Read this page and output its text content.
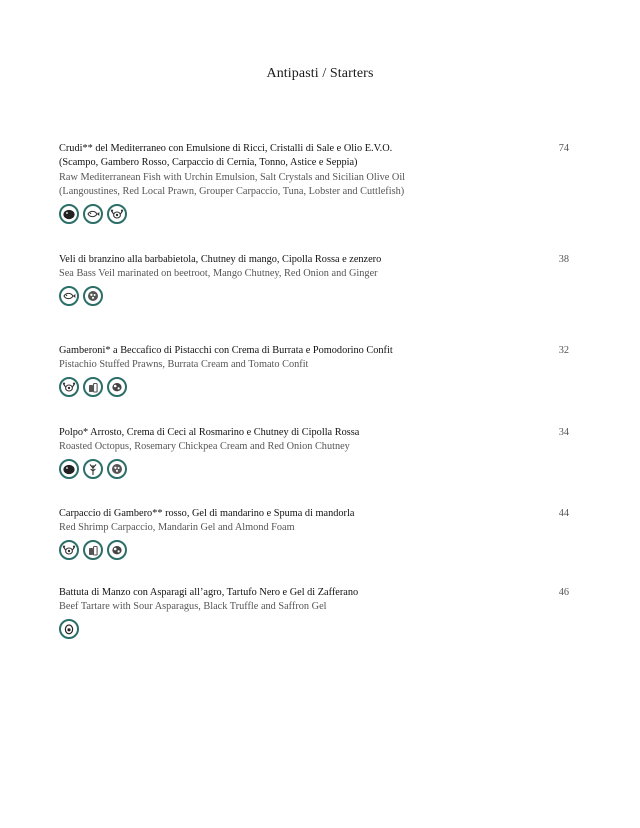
Antipasti / Starters
Crudi** del Mediterraneo con Emulsione di Ricci, Cristalli di Sale e Olio E.V.O.
(Scampo, Gambero Rosso, Carpaccio di Cernia, Tonno, Astice e Seppia)
Raw Mediterranean Fish with Urchin Emulsion, Salt Crystals and Sicilian Olive Oil
(Langoustines, Red Local Prawn, Grouper Carpaccio, Tuna, Lobster and Cuttlefish)
74
Veli di branzino alla barbabietola, Chutney di mango, Cipolla Rossa e zenzero
Sea Bass Veil marinated on beetroot, Mango Chutney, Red Onion and Ginger
38
Gamberoni* a Beccafico di Pistacchi con Crema di Burrata e Pomodorino Confit
Pistachio Stuffed Prawns, Burrata Cream and Tomato Confit
32
Polpo* Arrosto, Crema di Ceci al Rosmarino e Chutney di Cipolla Rossa
Roasted Octopus, Rosemary Chickpea Cream and Red Onion Chutney
34
Carpaccio di Gambero** rosso, Gel di mandarino e Spuma di mandorla
Red Shrimp Carpaccio, Mandarin Gel and Almond Foam
44
Battuta di Manzo con Asparagi all’agro, Tartufo Nero e Gel di Zafferano
Beef Tartare with Sour Asparagus, Black Truffle and Saffron Gel
46
